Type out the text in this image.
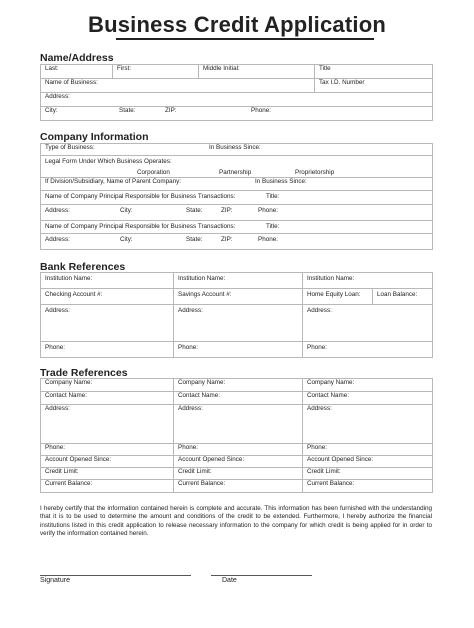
Business Credit Application
Name/Address
Last:	First:	Middle Initial:	Title
Name of Business:			Tax I.D. Number
Address:			
City: State: ZIP: Phone:			
Company Information
Type of Business:	In Business Since:

Legal Form Under Which Business Operates:
Corporation	Partnership	Proprietorship

If Division/Subsidiary, Name of Parent Company:	In Business Since:

Name of Company Principal Responsible for Business Transactions:	Title:

Address:	City:	State:	ZIP:	Phone:

Name of Company Principal Responsible for Business Transactions:	Title:

Address:	City:	State:	ZIP:	Phone:
Bank References
Institution Name:	Institution Name:	Institution Name:	
Checking Account #:	Savings Account #:	Home Equity Loan:	Loan Balance:
Address:	Address:	Address:	
Phone:	Phone:	Phone:	
Trade References
Company Name:	Company Name:	Company Name:
Contact Name:	Contact Name:	Contact Name:
Address:	Address:	Address:
Phone:	Phone:	Phone:
Account Opened Since:	Account Opened Since:	Account Opened Since:
Credit Limit:	Credit Limit:	Credit Limit:
Current Balance:	Current Balance:	Current Balance:
I hereby certify that the information contained herein is complete and accurate. This information has been furnished with the understanding that it is to be used to determine the amount and conditions of the credit to be extended. Furthermore, I hereby authorize the financial institutions listed in this credit application to release necessary information to the company for which credit is being applied for in order to verify the information contained herein.
Signature	Date
